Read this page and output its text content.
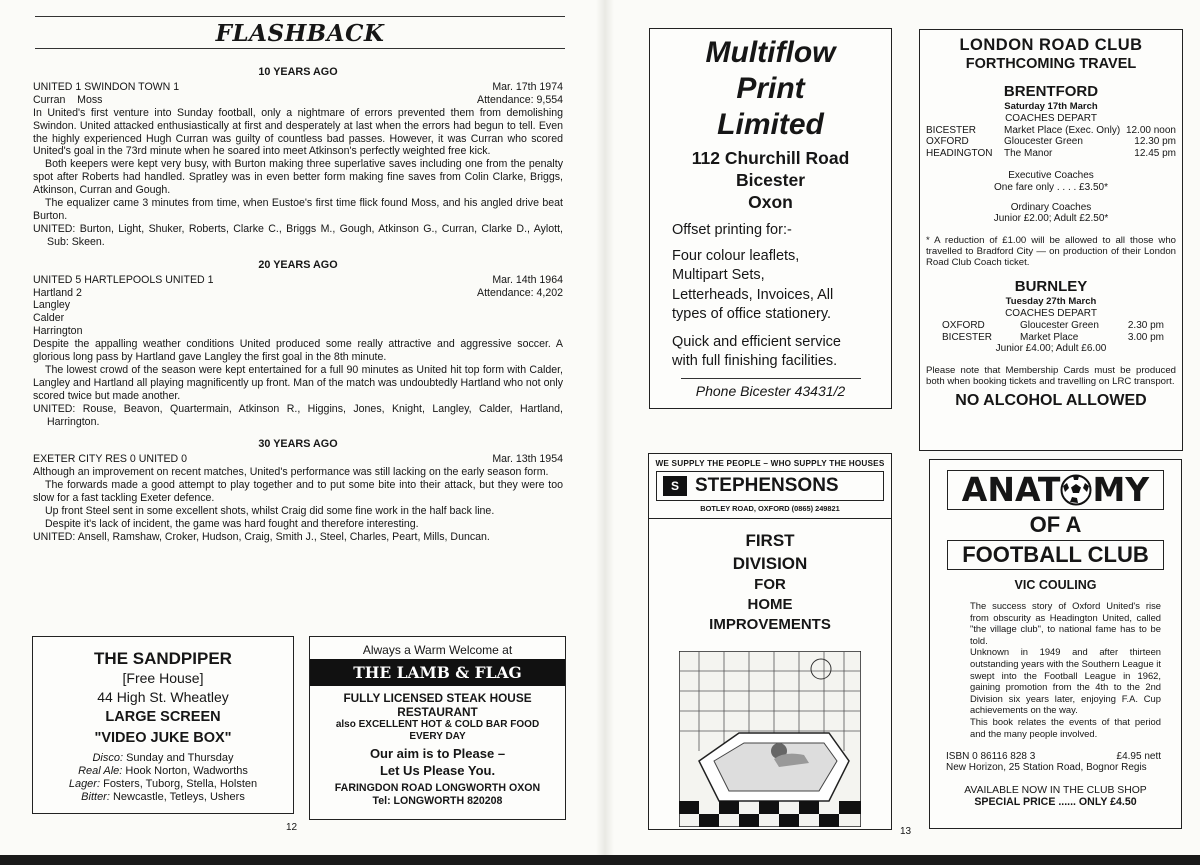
FLASHBACK
10 YEARS AGO
UNITED 1 SWINDON TOWN 1	Mar. 17th 1974
Curran    Moss	Attendance: 9,554

In United's first venture into Sunday football, only a nightmare of errors prevented them from demolishing Swindon. United attacked enthusiastically at first and desperately at last when the errors had begun to tell. Even the highly experienced Hugh Curran was guilty of countless bad passes. However, it was Curran who scored United's goal in the 73rd minute when he soared into meet Atkinson's perfectly weighted free kick.

Both keepers were kept very busy, with Burton making three superlative saves including one from the penalty spot after Roberts had handled. Spratley was in even better form making fine saves from Colin Clarke, Briggs, Atkinson, Curran and Gough.

The equalizer came 3 minutes from time, when Eustoe's first time flick found Moss, and his angled drive beat Burton.

UNITED: Burton, Light, Shuker, Roberts, Clarke C., Briggs M., Gough, Atkinson G., Curran, Clarke D., Aylott, Sub: Skeen.

20 YEARS AGO
UNITED 5 HARTLEPOOLS UNITED 1	Mar. 14th 1964
Hartland 2	Attendance: 4,202
Langley
Calder
Harrington

Despite the appalling weather conditions United produced some really attractive and aggressive soccer. A glorious long pass by Hartland gave Langley the first goal in the 8th minute.

The lowest crowd of the season were kept entertained for a full 90 minutes as United hit top form with Calder, Langley and Hartland all playing magnificently up front. Man of the match was undoubtedly Hartland who not only scored twice but made another.

UNITED: Rouse, Beavon, Quartermain, Atkinson R., Higgins, Jones, Knight, Langley, Calder, Hartland, Harrington.

30 YEARS AGO
EXETER CITY RES 0 UNITED 0	Mar. 13th 1954

Although an improvement on recent matches, United's performance was still lacking on the early season form.

The forwards made a good attempt to play together and to put some bite into their attack, but they were too slow for a fast tackling Exeter defence.

Up front Steel sent in some excellent shots, whilst Craig did some fine work in the half back line.

Despite it's lack of incident, the game was hard fought and therefore interesting.

UNITED: Ansell, Ramshaw, Croker, Hudson, Craig, Smith J., Steel, Charles, Peart, Mills, Duncan.

THE SANDPIPER
[Free House]
44 High St. Wheatley
LARGE SCREEN
"VIDEO JUKE BOX"
Disco: Sunday and Thursday
Real Ale: Hook Norton, Wadworths
Lager: Fosters, Tuborg, Stella, Holsten
Bitter: Newcastle, Tetleys, Ushers
Always a Warm Welcome at
THE LAMB & FLAG
FULLY LICENSED STEAK HOUSE
RESTAURANT
also EXCELLENT HOT & COLD BAR FOOD
EVERY DAY
Our aim is to Please –
Let Us Please You.
FARINGDON ROAD LONGWORTH OXON
Tel: LONGWORTH 820208
12
Multiflow
Print
Limited
112 Churchill Road
Bicester
Oxon
Offset printing for:-
Four colour leaflets,
Multipart Sets,
Letterheads, Invoices, All
types of office stationery.
Quick and efficient service
with full finishing facilities.
Phone Bicester 43431/2
LONDON ROAD CLUB
FORTHCOMING TRAVEL
BRENTFORD
Saturday 17th March
COACHES DEPART
BICESTER	Market Place (Exec. Only) 12.00 noon
OXFORD	Gloucester Green	12.30 pm
HEADINGTON	The Manor	12.45 pm
Executive Coaches
One fare only . . . . £3.50*
Ordinary Coaches
Junior £2.00; Adult £2.50*
* A reduction of £1.00 will be allowed to all those who travelled to Bradford City — on production of their London Road Club Coach ticket.
BURNLEY
Tuesday 27th March
COACHES DEPART
OXFORD	Gloucester Green	2.30 pm
BICESTER	Market Place	3.00 pm
Junior £4.00; Adult £6.00
Please note that Membership Cards must be produced both when booking tickets and travelling on LRC transport.
NO ALCOHOL ALLOWED
WE SUPPLY THE PEOPLE – WHO SUPPLY THE HOUSES
S STEPHENSONS
BOTLEY ROAD, OXFORD (0865) 249821
FIRST
DIVISION
FOR
HOME
IMPROVEMENTS
ANAT MY
OF A
FOOTBALL CLUB
VIC COULING
The success story of Oxford United's rise from obscurity as Headington United, called "the village club", to national fame has to be told.
Unknown in 1949 and after thirteen outstanding years with the Southern League it swept into the Football League in 1962, gaining promotion from the 4th to the 2nd Division six years later, enjoying F.A. Cup achievements on the way.
This book relates the events of that period and the many people involved.
ISBN 0 86116 828 3	£4.95 nett
New Horizon, 25 Station Road, Bognor Regis
AVAILABLE NOW IN THE CLUB SHOP
SPECIAL PRICE ...... ONLY £4.50
13
